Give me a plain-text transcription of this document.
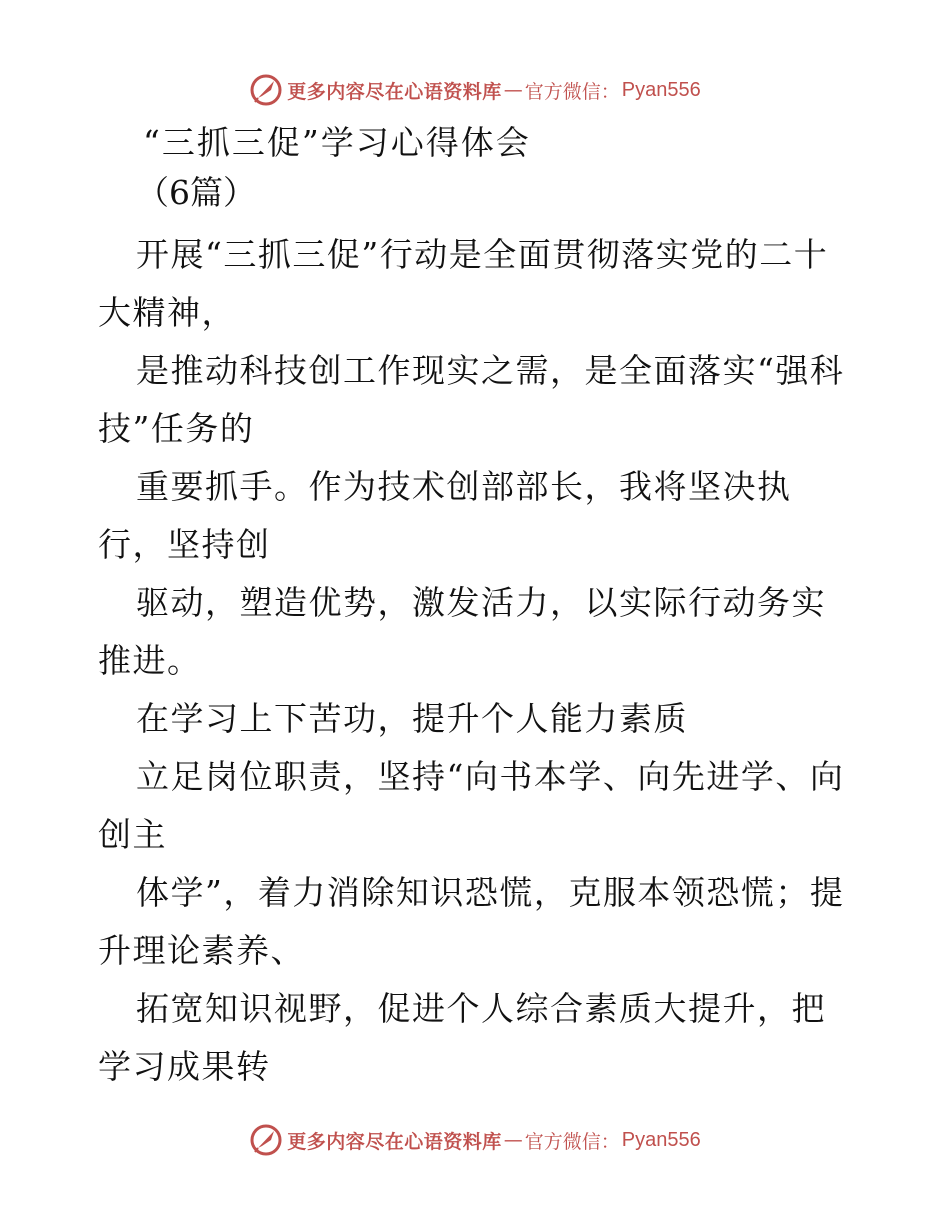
更多内容尽在心语资料库 — 官方微信： Pyan556

“三抓三促”学习心得体会

（6篇）

开展“三抓三促”行动是全面贯彻落实党的二十大精神，

是推动科技创工作现实之需，是全面落实“强科技”任务的

重要抓手。作为技术创部部长，我将坚决执行，坚持创

驱动，塑造优势，激发活力，以实际行动务实推进。

在学习上下苦功，提升个人能力素质

立足岗位职责，坚持“向书本学、向先进学、向创主

体学”，着力消除知识恐慌，克服本领恐慌；提升理论素养、

拓宽知识视野，促进个人综合素质大提升，把学习成果转

更多内容尽在心语资料库 — 官方微信： Pyan556
